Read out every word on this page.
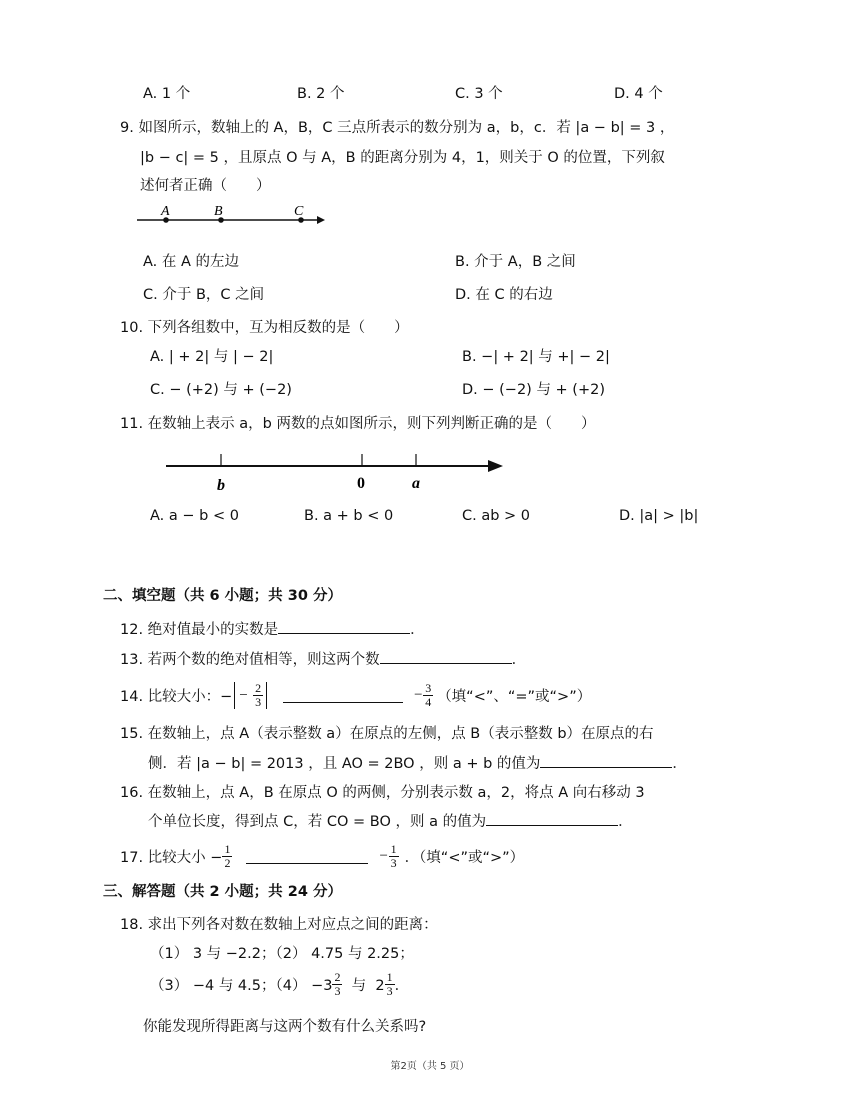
A. 1 个	B. 2 个	C. 3 个	D. 4 个
9. 如图所示，数轴上的 A，B，C 三点所表示的数分别为 a，b，c．若 |a − b| = 3 ，
|b − c| = 5 ，且原点 O 与 A，B 的距离分别为 4，1，则关于 O 的位置，下列叙
述何者正确（　　）
A	B	C
A. 在 A 的左边	B. 介于 A，B 之间
C. 介于 B，C 之间	D. 在 C 的右边
10. 下列各组数中，互为相反数的是（　　）
A. | + 2| 与 | − 2|	B. −| + 2| 与 +| − 2|
C. − (+2) 与 + (−2)	D. − (−2) 与 + (+2)
11. 在数轴上表示 a，b 两数的点如图所示，则下列判断正确的是（　　）
b	0	a
A. a − b < 0	B. a + b < 0	C. ab > 0	D. |a| > |b|
二、填空题（共 6 小题；共 30 分）
12. 绝对值最小的实数是	．
13. 若两个数的绝对值相等，则这两个数	．
14. 比较大小：− − $\frac{2}{3}$	− $\frac{3}{4}$ （填“<”、“=”或“>”）
15. 在数轴上，点 A（表示整数 a）在原点的左侧，点 B（表示整数 b）在原点的右
侧．若 |a − b| = 2013 ，且 AO = 2BO ，则 a + b 的值为	．
16. 在数轴上，点 A，B 在原点 O 的两侧，分别表示数 a，2，将点 A 向右移动 3
个单位长度，得到点 C，若 CO = BO ，则 a 的值为	．
17. 比较大小 − $\frac{1}{2}$	− $\frac{1}{3}$ ．（填“<”或“>”）
三、解答题（共 2 小题；共 24 分）
18. 求出下列各对数在数轴上对应点之间的距离：
（1） 3 与 −2.2；（2） 4.75 与 2.25；
（3） −4 与 4.5；$(4) -3 \frac{2}{3}$ 与  $2 \frac{1}{3}$ ．
你能发现所得距离与这两个数有什么关系吗?
第2页（共 5 页）
